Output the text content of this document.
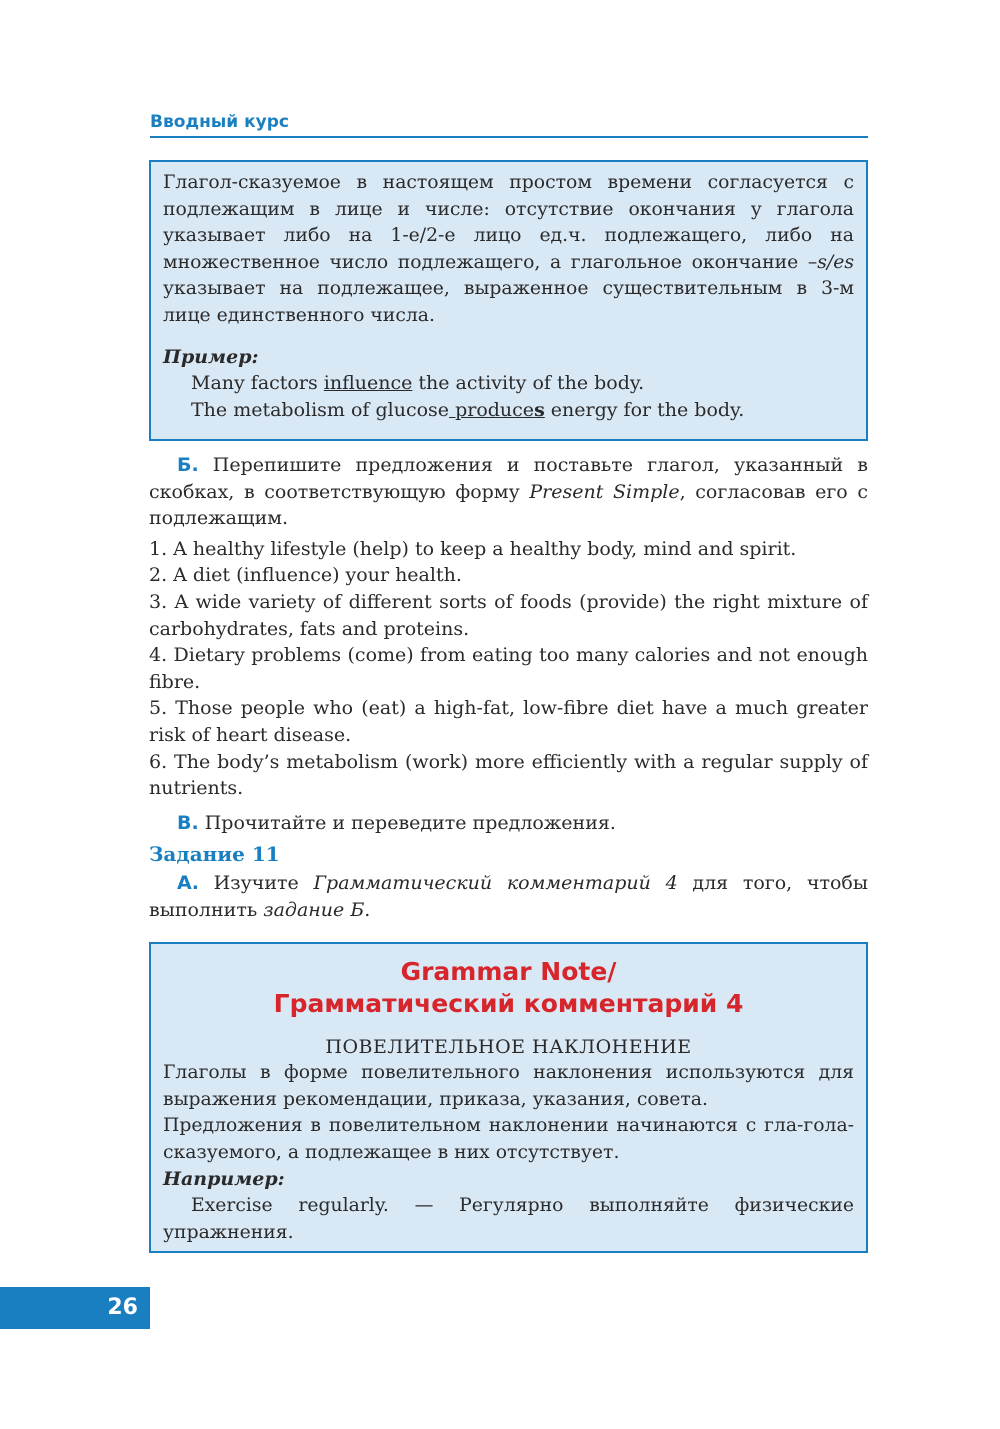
Вводный курс

Глагол-сказуемое в настоящем простом времени согласуется с подлежащим в лице и числе: отсутствие окончания у глагола указывает либо на 1-е/2-е лицо ед.ч. подлежащего, либо на множественное число подлежащего, а глагольное окончание –s/es указывает на подлежащее, выраженное существительным в 3-м лице единственного числа.

Пример:
Many factors influence the activity of the body.
The metabolism of glucose produces energy for the body.

Б. Перепишите предложения и поставьте глагол, указанный в скобках, в соответствующую форму Present Simple, согласовав его с подлежащим.

1. A healthy lifestyle (help) to keep a healthy body, mind and spirit.
2. A diet (influence) your health.
3. A wide variety of different sorts of foods (provide) the right mixture of carbohydrates, fats and proteins.
4. Dietary problems (come) from eating too many calories and not enough fibre.
5. Those people who (eat) a high-fat, low-fibre diet have a much greater risk of heart disease.
6. The body’s metabolism (work) more efficiently with a regular supply of nutrients.

В. Прочитайте и переведите предложения.

Задание 11

А. Изучите Грамматический комментарий 4 для того, чтобы выполнить задание Б.

Grammar Note/
Грамматический комментарий 4
ПОВЕЛИТЕЛЬНОЕ НАКЛОНЕНИЕ

Глаголы в форме повелительного наклонения используются для выражения рекомендации, приказа, указания, совета.

Предложения в повелительном наклонении начинаются с гла-гола-сказуемого, а подлежащее в них отсутствует.

Например:

Exercise regularly. — Регулярно выполняйте физические упражнения.

26
